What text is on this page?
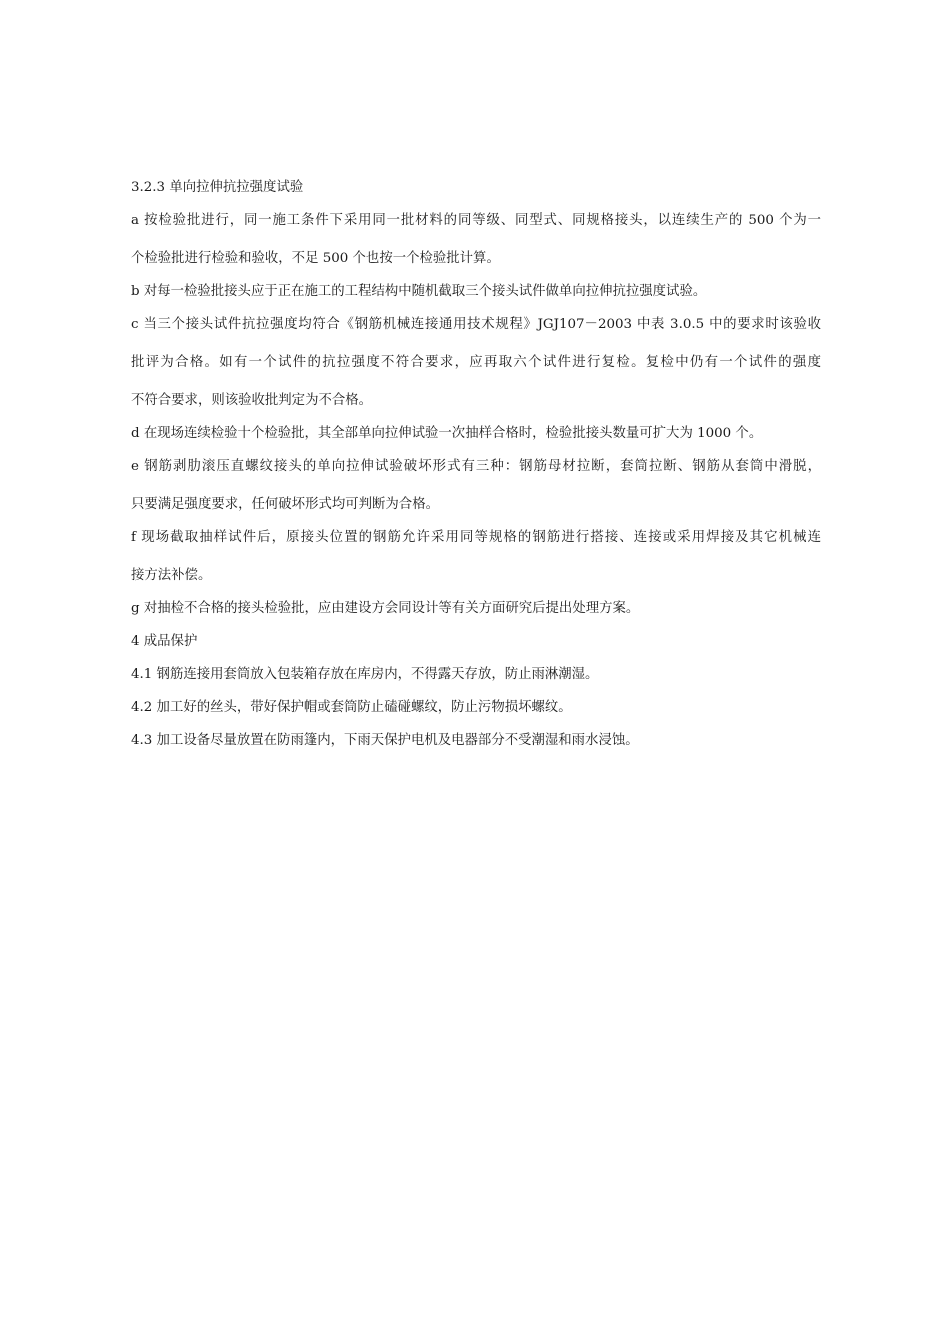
3.2.3 单向拉伸抗拉强度试验
a 按检验批进行，同一施工条件下采用同一批材料的同等级、同型式、同规格接头，以连续生产的 500 个为一
个检验批进行检验和验收，不足 500 个也按一个检验批计算。
b 对每一检验批接头应于正在施工的工程结构中随机截取三个接头试件做单向拉伸抗拉强度试验。
c 当三个接头试件抗拉强度均符合《钢筋机械连接通用技术规程》JGJ107－2003 中表 3.0.5 中的要求时该验收
批评为合格。如有一个试件的抗拉强度不符合要求，应再取六个试件进行复检。复检中仍有一个试件的强度
不符合要求，则该验收批判定为不合格。
d 在现场连续检验十个检验批，其全部单向拉伸试验一次抽样合格时，检验批接头数量可扩大为 1000 个。
e 钢筋剥肋滚压直螺纹接头的单向拉伸试验破坏形式有三种：钢筋母材拉断，套筒拉断、钢筋从套筒中滑脱，
只要满足强度要求，任何破坏形式均可判断为合格。
f 现场截取抽样试件后，原接头位置的钢筋允许采用同等规格的钢筋进行搭接、连接或采用焊接及其它机械连
接方法补偿。
g 对抽检不合格的接头检验批，应由建设方会同设计等有关方面研究后提出处理方案。
4 成品保护
4.1 钢筋连接用套筒放入包装箱存放在库房内，不得露天存放，防止雨淋潮湿。
4.2 加工好的丝头，带好保护帽或套筒防止磕碰螺纹，防止污物损坏螺纹。
4.3 加工设备尽量放置在防雨篷内，下雨天保护电机及电器部分不受潮湿和雨水浸蚀。
